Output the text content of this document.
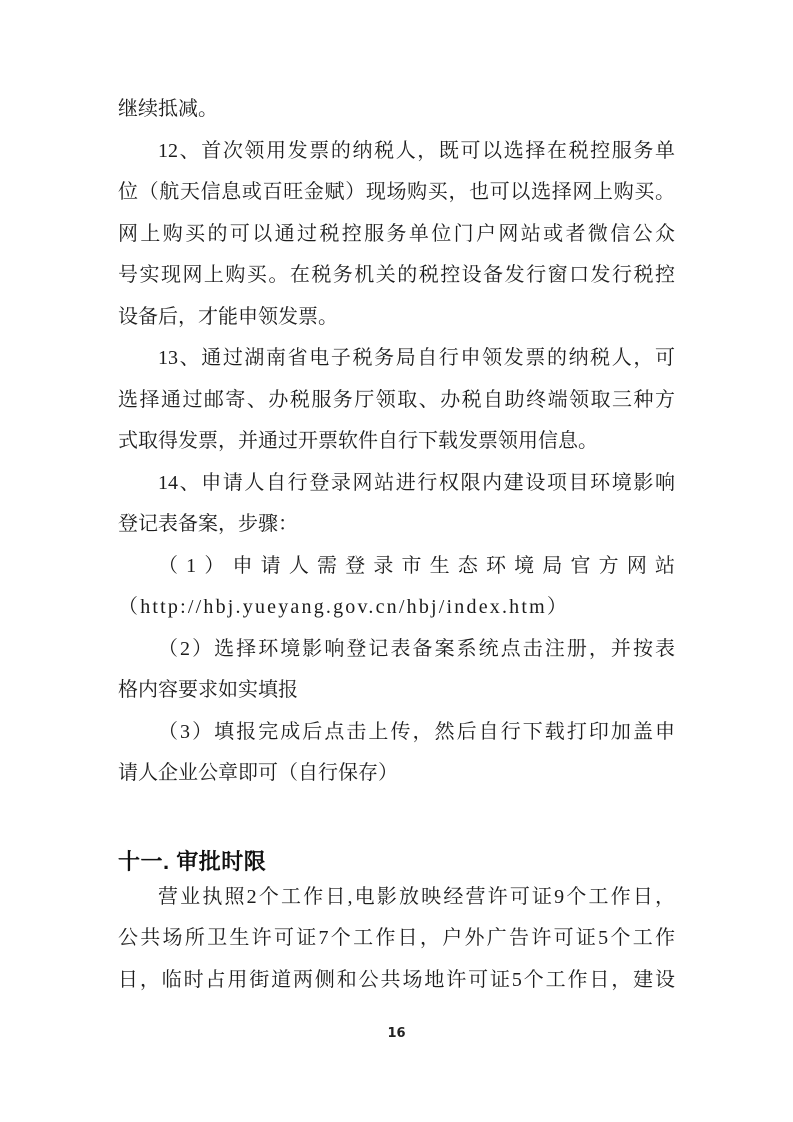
继续抵减。
12、首次领用发票的纳税人，既可以选择在税控服务单
位（航天信息或百旺金赋）现场购买，也可以选择网上购买。
网上购买的可以通过税控服务单位门户网站或者微信公众
号实现网上购买。在税务机关的税控设备发行窗口发行税控
设备后，才能申领发票。
13、通过湖南省电子税务局自行申领发票的纳税人，可
选择通过邮寄、办税服务厅领取、办税自助终端领取三种方
式取得发票，并通过开票软件自行下载发票领用信息。
14、申请人自行登录网站进行权限内建设项目环境影响
登记表备案，步骤：
（1）申请人需登录市生态环境局官方网站
（http://hbj.yueyang.gov.cn/hbj/index.htm）
（2）选择环境影响登记表备案系统点击注册，并按表
格内容要求如实填报
（3）填报完成后点击上传，然后自行下载打印加盖申
请人企业公章即可（自行保存）
十一. 审批时限
营业执照2个工作日,电影放映经营许可证9个工作日，
公共场所卫生许可证7个工作日，户外广告许可证5个工作
日，临时占用街道两侧和公共场地许可证5个工作日，建设
16
